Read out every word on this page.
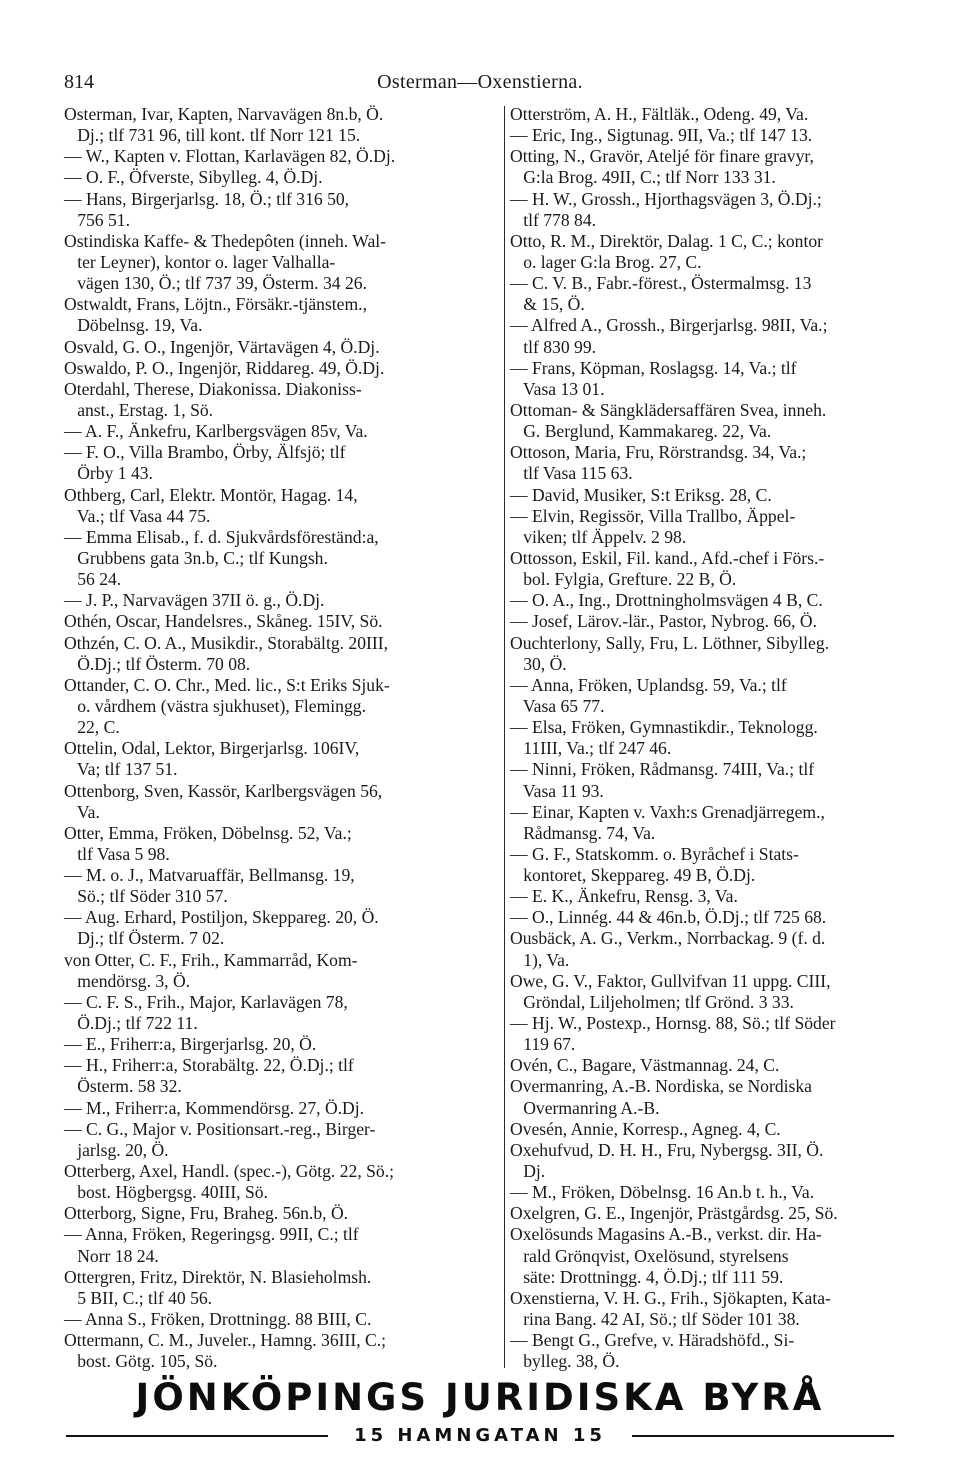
814	Osterman—Oxenstierna.
Osterman, Ivar, Kapten, Narvavägen 8n.b, Ö.
Dj.; tlf 731 96, till kont. tlf Norr 121 15.
— W., Kapten v. Flottan, Karlavägen 82, Ö.Dj.
— O. F., Öfverste, Sibylleg. 4, Ö.Dj.
— Hans, Birgerjarlsg. 18, Ö.; tlf 316 50,
756 51.
Ostindiska Kaffe- & Thedepôten (inneh. Wal-
ter Leyner), kontor o. lager Valhalla-
vägen 130, Ö.; tlf 737 39, Österm. 34 26.
Ostwaldt, Frans, Löjtn., Försäkr.-tjänstem.,
Döbelnsg. 19, Va.
Osvald, G. O., Ingenjör, Värtavägen 4, Ö.Dj.
Oswaldo, P. O., Ingenjör, Riddareg. 49, Ö.Dj.
Oterdahl, Therese, Diakonissa. Diakoniss-
anst., Erstag. 1, Sö.
— A. F., Änkefru, Karlbergsvägen 85v, Va.
— F. O., Villa Brambo, Örby, Älfsjö; tlf
Örby 1 43.
Othberg, Carl, Elektr. Montör, Hagag. 14,
Va.; tlf Vasa 44 75.
— Emma Elisab., f. d. Sjukvårdsföreständ:a,
Grubbens gata 3n.b, C.; tlf Kungsh.
56 24.
— J. P., Narvavägen 37II ö. g., Ö.Dj.
Othén, Oscar, Handelsres., Skåneg. 15IV, Sö.
Othzén, C. O. A., Musikdir., Storabältg. 20III,
Ö.Dj.; tlf Österm. 70 08.
Ottander, C. O. Chr., Med. lic., S:t Eriks Sjuk-
o. vårdhem (västra sjukhuset), Flemingg.
22, C.
Ottelin, Odal, Lektor, Birgerjarlsg. 106IV,
Va; tlf 137 51.
Ottenborg, Sven, Kassör, Karlbergsvägen 56,
Va.
Otter, Emma, Fröken, Döbelnsg. 52, Va.;
tlf Vasa 5 98.
— M. o. J., Matvaruaffär, Bellmansg. 19,
Sö.; tlf Söder 310 57.
— Aug. Erhard, Postiljon, Skeppareg. 20, Ö.
Dj.; tlf Österm. 7 02.
von Otter, C. F., Frih., Kammarråd, Kom-
mendörsg. 3, Ö.
— C. F. S., Frih., Major, Karlavägen 78,
Ö.Dj.; tlf 722 11.
— E., Friherr:a, Birgerjarlsg. 20, Ö.
— H., Friherr:a, Storabältg. 22, Ö.Dj.; tlf
Österm. 58 32.
— M., Friherr:a, Kommendörsg. 27, Ö.Dj.
— C. G., Major v. Positionsart.-reg., Birger-
jarlsg. 20, Ö.
Otterberg, Axel, Handl. (spec.-), Götg. 22, Sö.;
bost. Högbergsg. 40III, Sö.
Otterborg, Signe, Fru, Braheg. 56n.b, Ö.
— Anna, Fröken, Regeringsg. 99II, C.; tlf
Norr 18 24.
Ottergren, Fritz, Direktör, N. Blasieholmsh.
5 BII, C.; tlf 40 56.
— Anna S., Fröken, Drottningg. 88 BIII, C.
Ottermann, C. M., Juveler., Hamng. 36III, C.;
bost. Götg. 105, Sö.
Otterström, A. H., Fältläk., Odeng. 49, Va.
— Eric, Ing., Sigtunag. 9II, Va.; tlf 147 13.
Otting, N., Gravör, Ateljé för finare gravyr,
G:la Brog. 49II, C.; tlf Norr 133 31.
— H. W., Grossh., Hjorthagsvägen 3, Ö.Dj.;
tlf 778 84.
Otto, R. M., Direktör, Dalag. 1 C, C.; kontor
o. lager G:la Brog. 27, C.
— C. V. B., Fabr.-förest., Östermalmsg. 13
& 15, Ö.
— Alfred A., Grossh., Birgerjarlsg. 98II, Va.;
tlf 830 99.
— Frans, Köpman, Roslagsg. 14, Va.; tlf
Vasa 13 01.
Ottoman- & Sängklädersaffären Svea, inneh.
G. Berglund, Kammakareg. 22, Va.
Ottoson, Maria, Fru, Rörstrandsg. 34, Va.;
tlf Vasa 115 63.
— David, Musiker, S:t Eriksg. 28, C.
— Elvin, Regissör, Villa Trallbo, Äppel-
viken; tlf Äppelv. 2 98.
Ottosson, Eskil, Fil. kand., Afd.-chef i Förs.-
bol. Fylgia, Grefture. 22 B, Ö.
— O. A., Ing., Drottningholmsvägen 4 B, C.
— Josef, Lärov.-lär., Pastor, Nybrog. 66, Ö.
Ouchterlony, Sally, Fru, L. Löthner, Sibylleg.
30, Ö.
— Anna, Fröken, Uplandsg. 59, Va.; tlf
Vasa 65 77.
— Elsa, Fröken, Gymnastikdir., Teknologg.
11III, Va.; tlf 247 46.
— Ninni, Fröken, Rådmansg. 74III, Va.; tlf
Vasa 11 93.
— Einar, Kapten v. Vaxh:s Grenadjärregem.,
Rådmansg. 74, Va.
— G. F., Statskomm. o. Byråchef i Stats-
kontoret, Skeppareg. 49 B, Ö.Dj.
— E. K., Änkefru, Rensg. 3, Va.
— O., Linnég. 44 & 46n.b, Ö.Dj.; tlf 725 68.
Ousbäck, A. G., Verkm., Norrbackag. 9 (f. d.
1), Va.
Owe, G. V., Faktor, Gullvifvan 11 uppg. CIII,
Gröndal, Liljeholmen; tlf Grönd. 3 33.
— Hj. W., Postexp., Hornsg. 88, Sö.; tlf Söder
119 67.
Ovén, C., Bagare, Västmannag. 24, C.
Overmanring, A.-B. Nordiska, se Nordiska
Overmanring A.-B.
Ovesén, Annie, Korresp., Agneg. 4, C.
Oxehufvud, D. H. H., Fru, Nybergsg. 3II, Ö.
Dj.
— M., Fröken, Döbelnsg. 16 An.b t. h., Va.
Oxelgren, G. E., Ingenjör, Prästgårdsg. 25, Sö.
Oxelösunds Magasins A.-B., verkst. dir. Ha-
rald Grönqvist, Oxelösund, styrelsens
säte: Drottningg. 4, Ö.Dj.; tlf 111 59.
Oxenstierna, V. H. G., Frih., Sjökapten, Kata-
rina Bang. 42 AI, Sö.; tlf Söder 101 38.
— Bengt G., Grefve, v. Häradshöfd., Si-
bylleg. 38, Ö.
JÖNKÖPINGS JURIDISKA BYRÅ
15 HAMNGATAN 15
